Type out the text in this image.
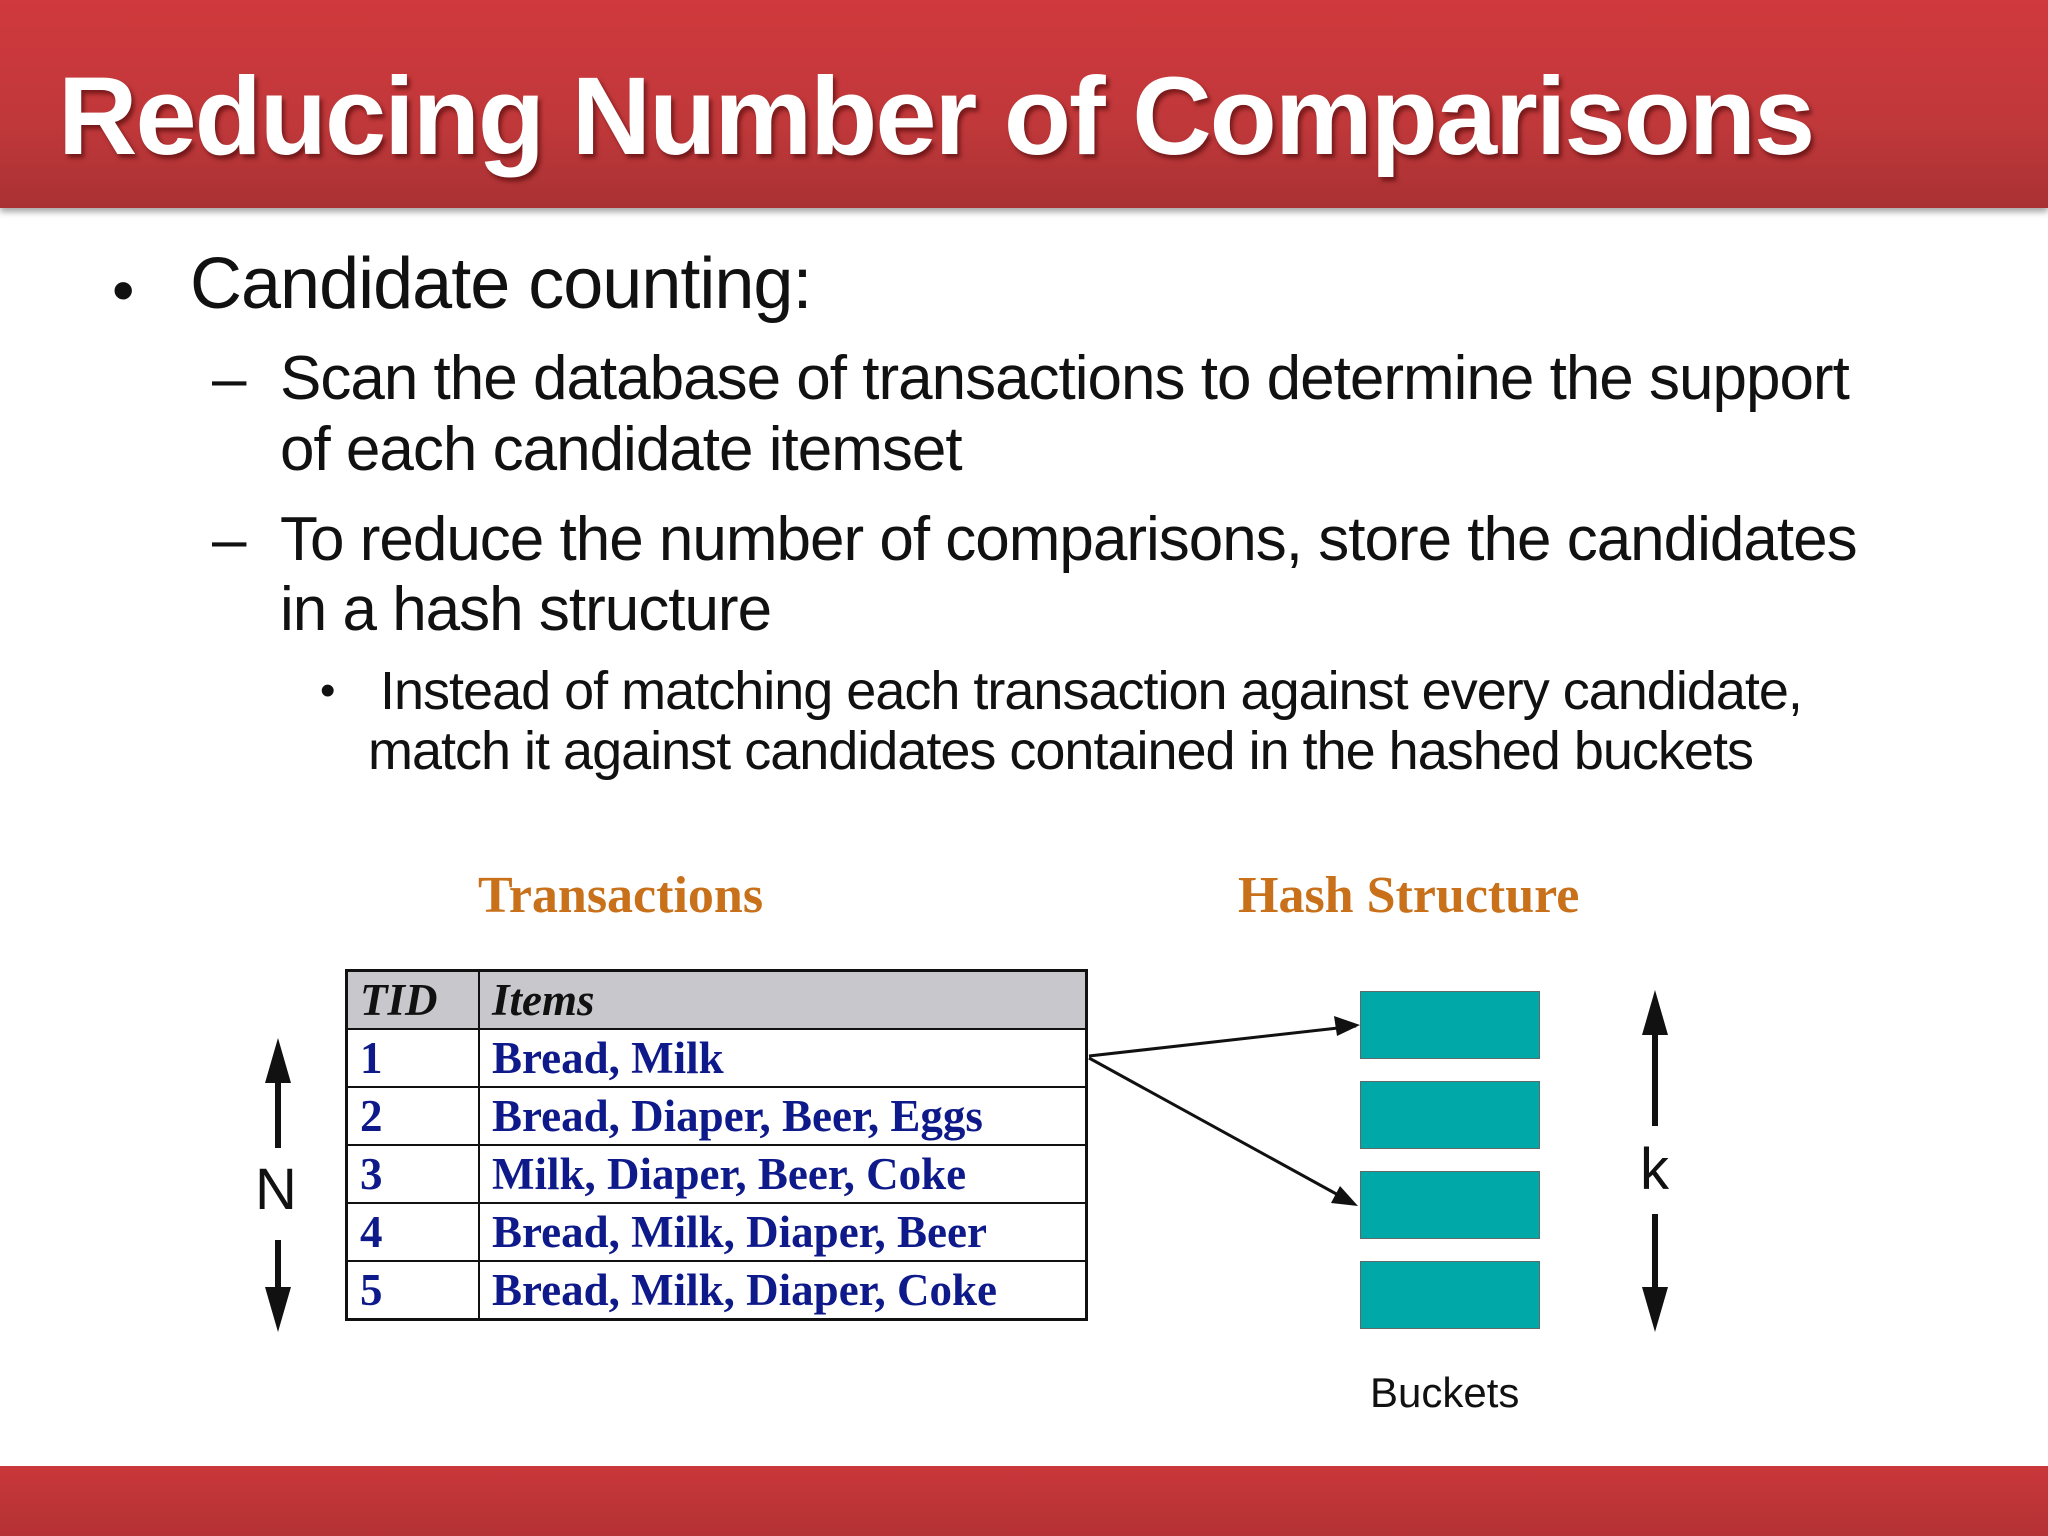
Reducing Number of Comparisons
• Candidate counting:
– Scan the database of transactions to determine the support
of each candidate itemset
– To reduce the number of comparisons, store the candidates
in a hash structure
• Instead of matching each transaction against every candidate,
match it against candidates contained in the hashed buckets
Transactions	Hash Structure
TID	Items
1	Bread, Milk
2	Bread, Diaper, Beer, Eggs
3	Milk, Diaper, Beer, Coke
4	Bread, Milk, Diaper, Beer
5	Bread, Milk, Diaper, Coke
N	k
Buckets
